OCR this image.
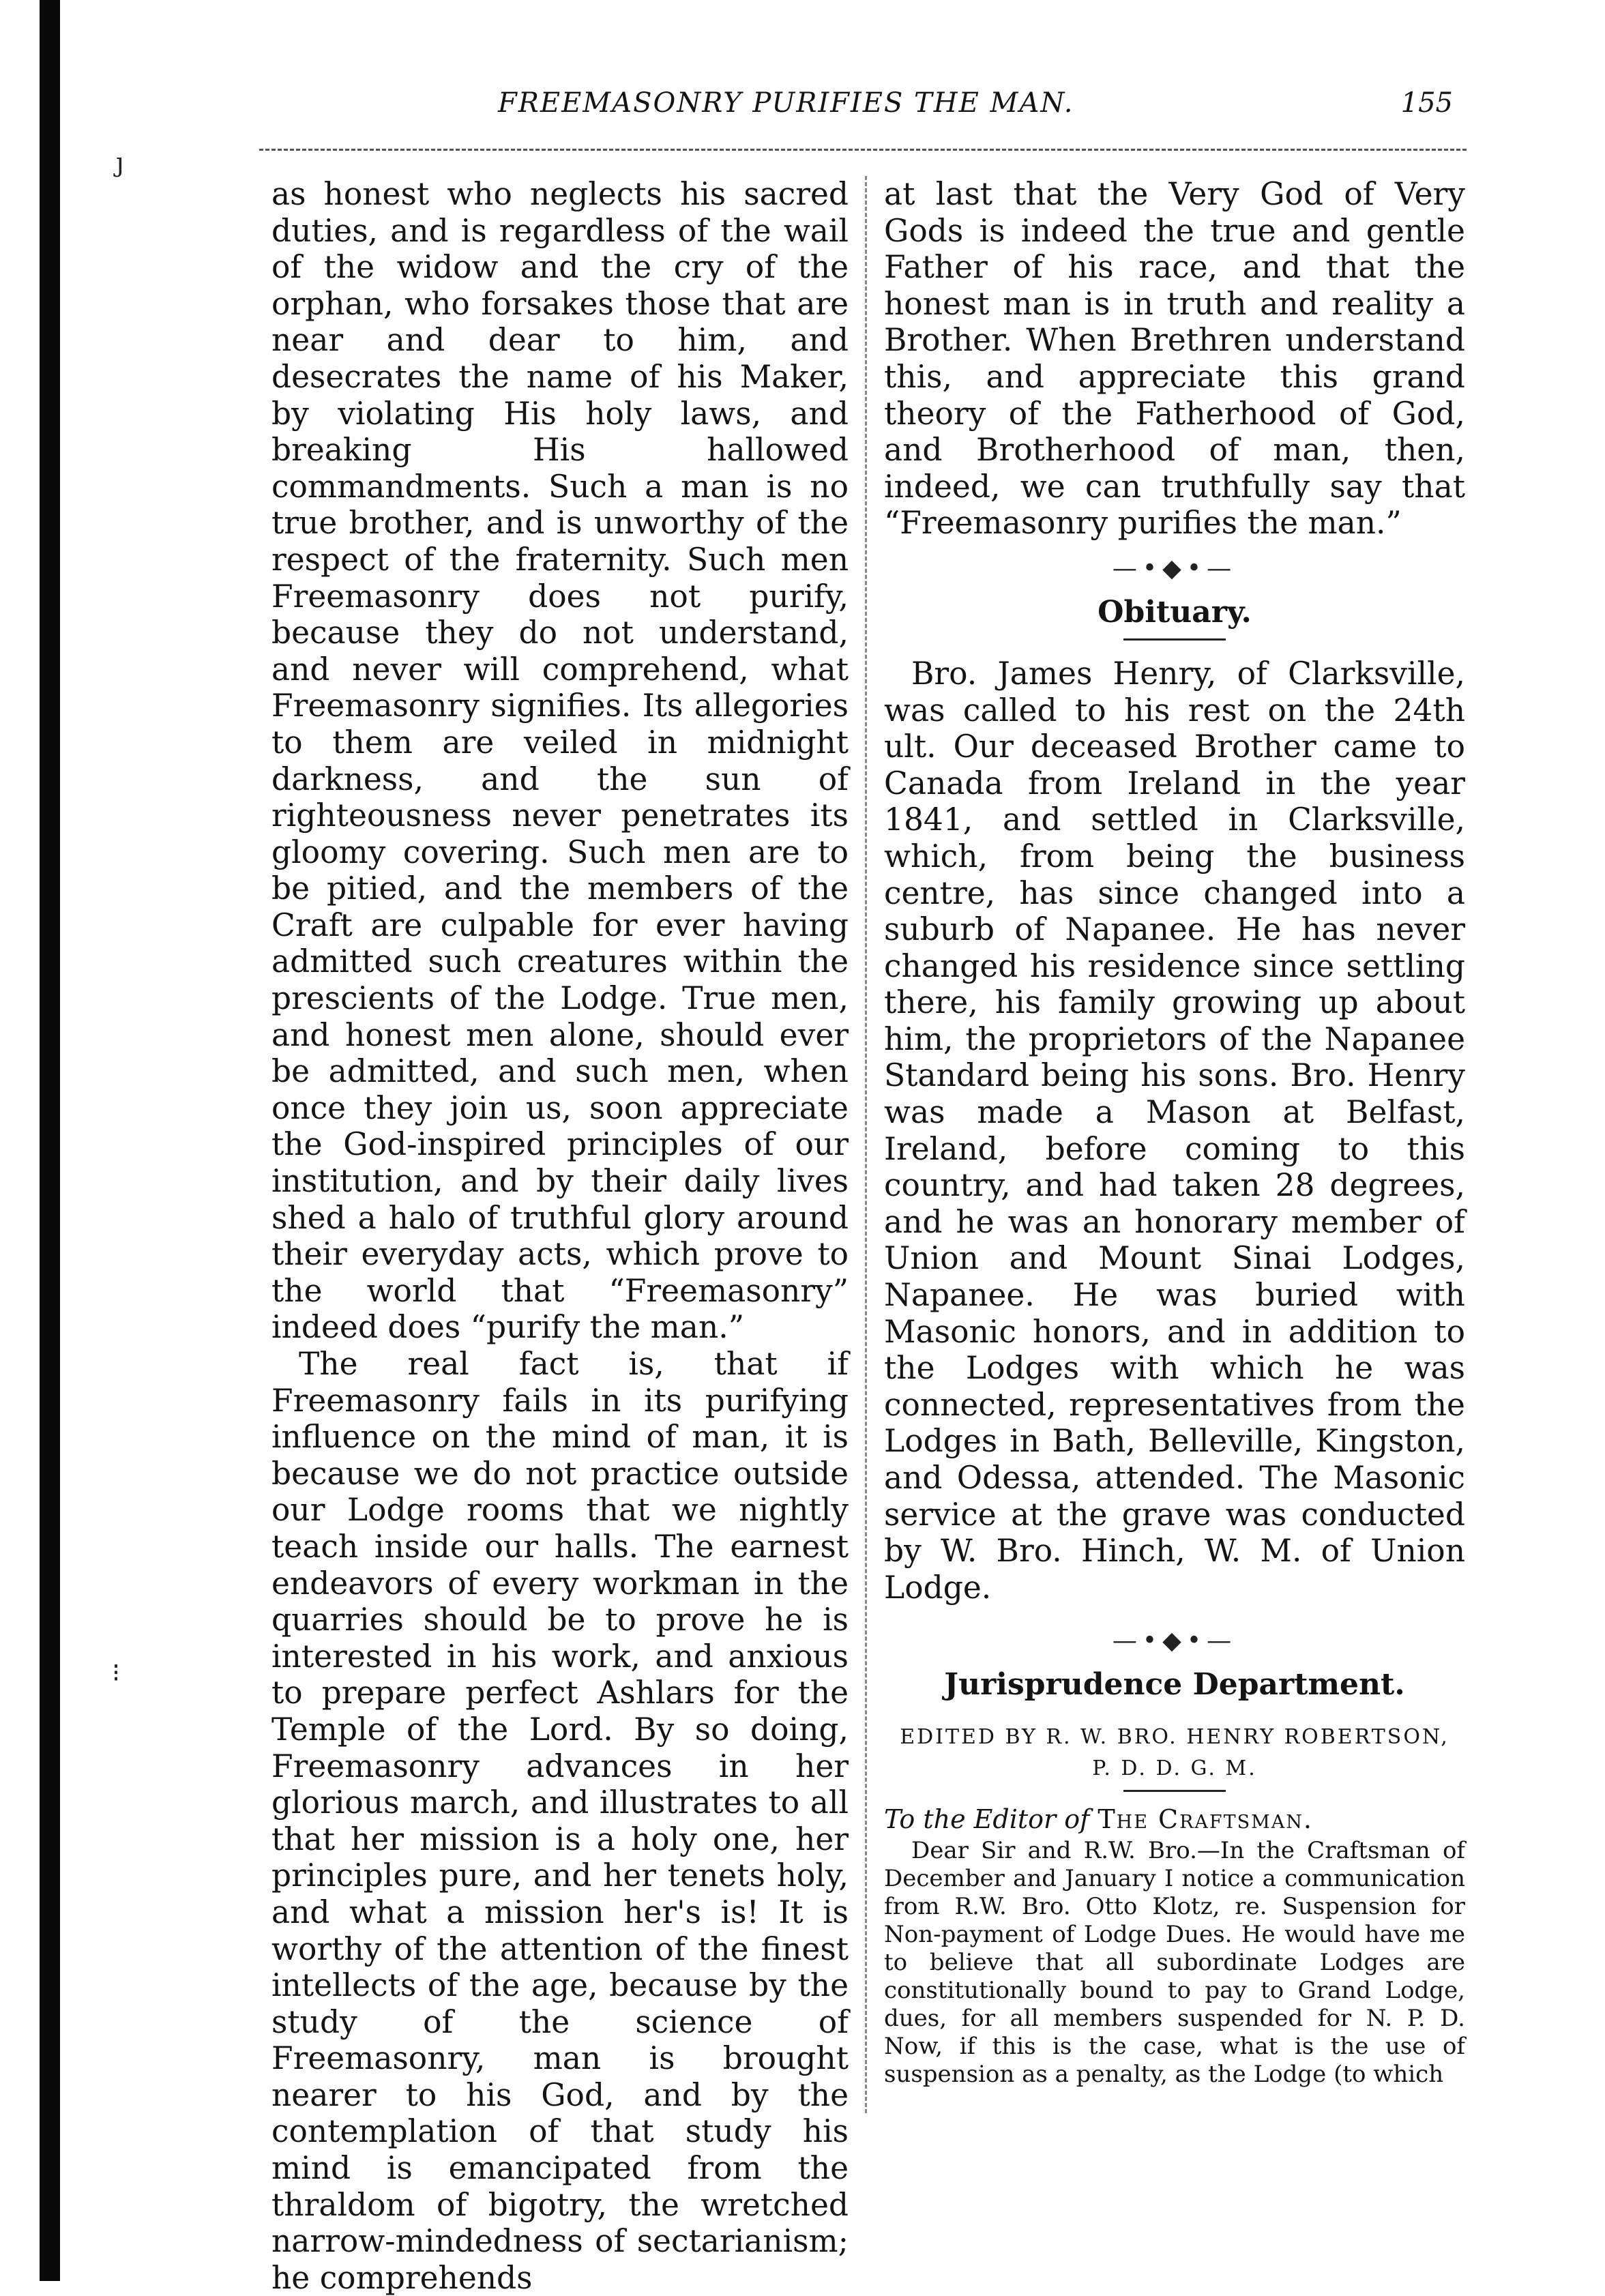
ȷ
⁝
FREEMASONRY PURIFIES THE MAN.	155

as honest who neglects his sacred duties, and is regardless of the wail of the widow and the cry of the orphan, who forsakes those that are near and dear to him, and desecrates the name of his Maker, by violating His holy laws, and breaking His hallowed commandments. Such a man is no true brother, and is unworthy of the respect of the fraternity. Such men Freemasonry does not purify, because they do not understand, and never will comprehend, what Freemasonry signifies. Its allegories to them are veiled in midnight darkness, and the sun of righteousness never penetrates its gloomy covering. Such men are to be pitied, and the members of the Craft are culpable for ever having admitted such creatures within the prescients of the Lodge. True men, and honest men alone, should ever be admitted, and such men, when once they join us, soon appreciate the God-inspired principles of our institution, and by their daily lives shed a halo of truthful glory around their everyday acts, which prove to the world that “Freemasonry” indeed does “purify the man.”

The real fact is, that if Freemasonry fails in its purifying influence on the mind of man, it is because we do not practice outside our Lodge rooms that we nightly teach inside our halls. The earnest endeavors of every workman in the quarries should be to prove he is interested in his work, and anxious to prepare perfect Ashlars for the Temple of the Lord. By so doing, Freemasonry advances in her glorious march, and illustrates to all that her mission is a holy one, her principles pure, and her tenets holy, and what a mission her's is! It is worthy of the attention of the finest intellects of the age, because by the study of the science of Freemasonry, man is brought nearer to his God, and by the contemplation of that study his mind is emancipated from the thraldom of bigotry, the wretched narrow-mindedness of sectarianism; he comprehends

at last that the Very God of Very Gods is indeed the true and gentle Father of his race, and that the honest man is in truth and reality a Brother. When Brethren understand this, and appreciate this grand theory of the Fatherhood of God, and Brotherhood of man, then, indeed, we can truthfully say that “Freemasonry purifies the man.”

—•◆•—
Obituary.

Bro. James Henry, of Clarksville, was called to his rest on the 24th ult. Our deceased Brother came to Canada from Ireland in the year 1841, and settled in Clarksville, which, from being the business centre, has since changed into a suburb of Napanee. He has never changed his residence since settling there, his family growing up about him, the proprietors of the Napanee Standard being his sons. Bro. Henry was made a Mason at Belfast, Ireland, before coming to this country, and had taken 28 degrees, and he was an honorary member of Union and Mount Sinai Lodges, Napanee. He was buried with Masonic honors, and in addition to the Lodges with which he was connected, representatives from the Lodges in Bath, Belleville, Kingston, and Odessa, attended. The Masonic service at the grave was conducted by W. Bro. Hinch, W. M. of Union Lodge.

—•◆•—
Jurisprudence Department.
EDITED BY R. W. BRO. HENRY ROBERTSON,
P. D. D. G. M.

To the Editor of The Craftsman.

Dear Sir and R.W. Bro.—In the Craftsman of December and January I notice a communication from R.W. Bro. Otto Klotz, re. Suspension for Non-payment of Lodge Dues. He would have me to believe that all subordinate Lodges are constitutionally bound to pay to Grand Lodge, dues, for all members suspended for N. P. D. Now, if this is the case, what is the use of suspension as a penalty, as the Lodge (to which
